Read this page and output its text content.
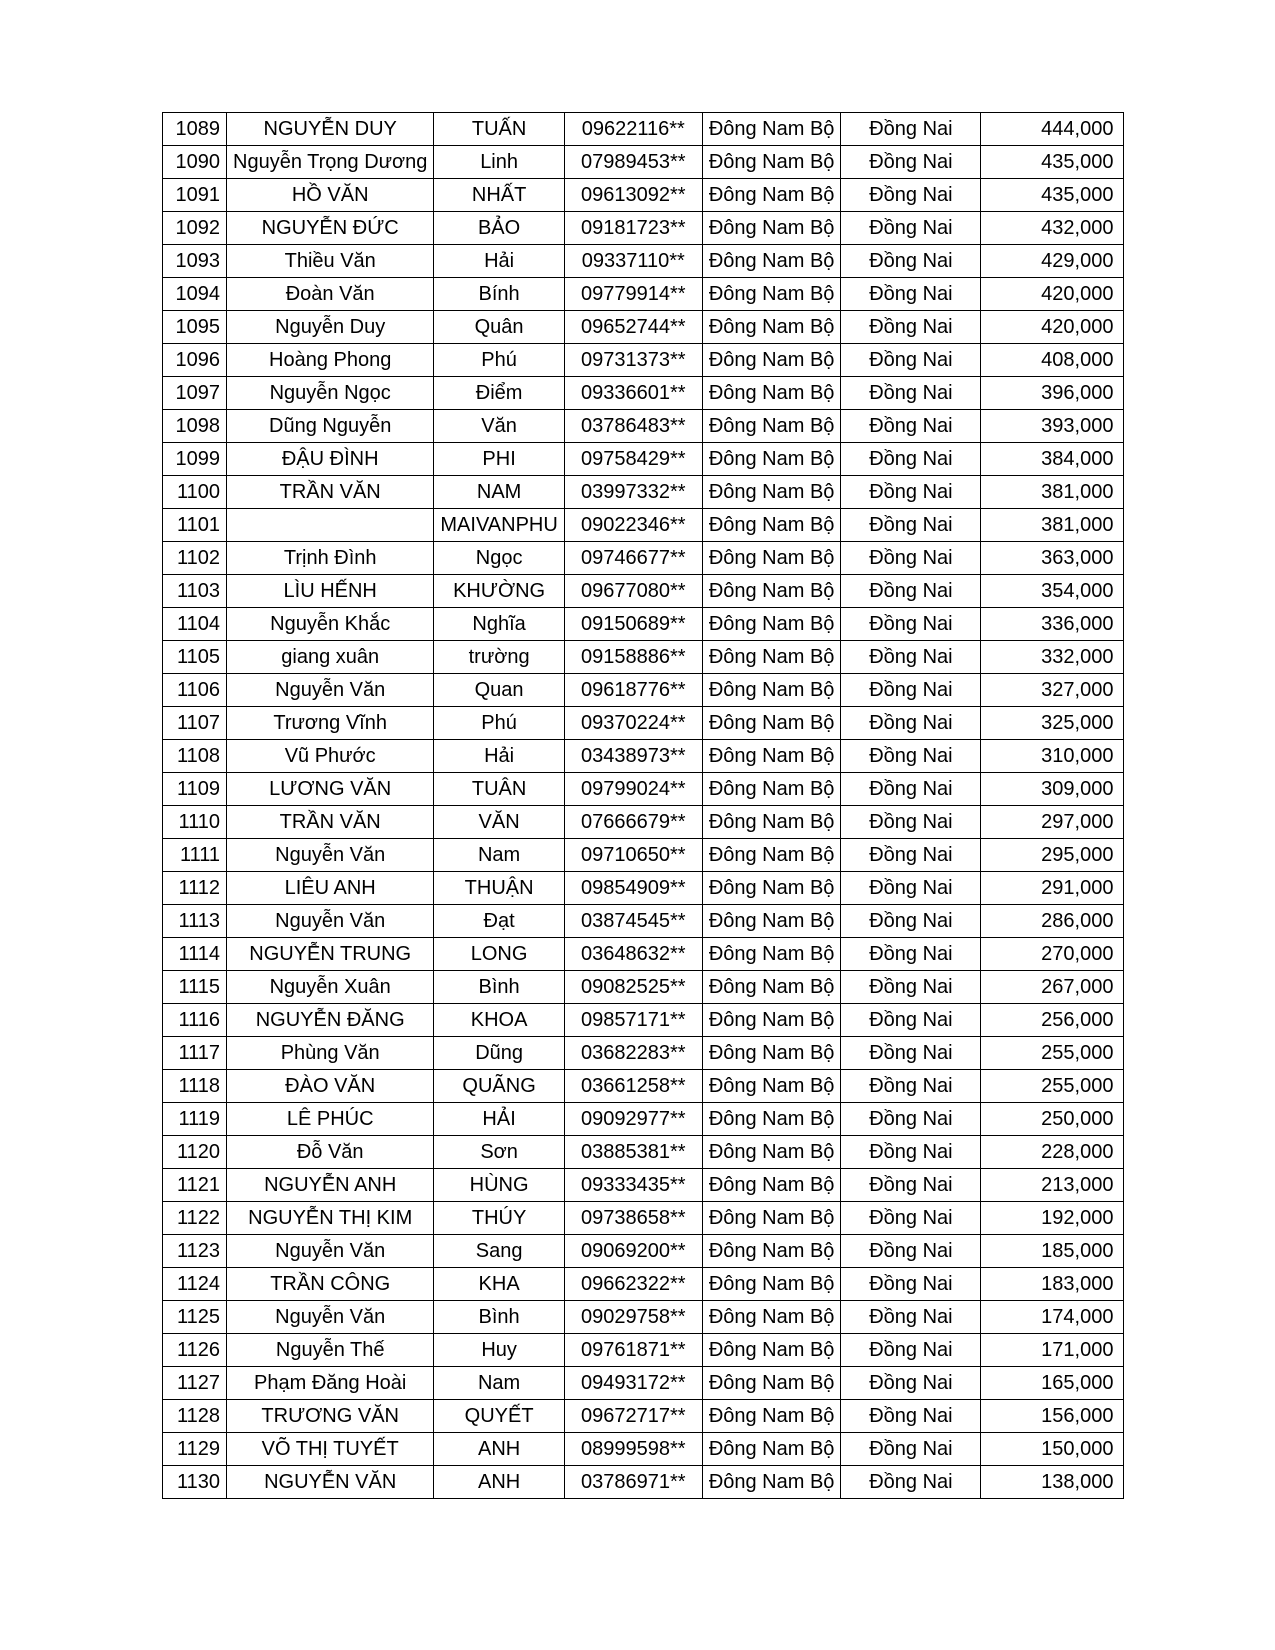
1089	NGUYỄN DUY	TUẤN	09622116**	Đông Nam Bộ	Đồng Nai	444,000
1090	Nguyễn Trọng Dương	Linh	07989453**	Đông Nam Bộ	Đồng Nai	435,000
1091	HỒ VĂN	NHẤT	09613092**	Đông Nam Bộ	Đồng Nai	435,000
1092	NGUYỄN ĐỨC	BẢO	09181723**	Đông Nam Bộ	Đồng Nai	432,000
1093	Thiều Văn	Hải	09337110**	Đông Nam Bộ	Đồng Nai	429,000
1094	Đoàn Văn	Bính	09779914**	Đông Nam Bộ	Đồng Nai	420,000
1095	Nguyễn Duy	Quân	09652744**	Đông Nam Bộ	Đồng Nai	420,000
1096	Hoàng Phong	Phú	09731373**	Đông Nam Bộ	Đồng Nai	408,000
1097	Nguyễn Ngọc	Điểm	09336601**	Đông Nam Bộ	Đồng Nai	396,000
1098	Dũng Nguyễn	Văn	03786483**	Đông Nam Bộ	Đồng Nai	393,000
1099	ĐẬU ĐÌNH	PHI	09758429**	Đông Nam Bộ	Đồng Nai	384,000
1100	TRẦN VĂN	NAM	03997332**	Đông Nam Bộ	Đồng Nai	381,000
1101		MAIVANPHU	09022346**	Đông Nam Bộ	Đồng Nai	381,000
1102	Trịnh Đình	Ngọc	09746677**	Đông Nam Bộ	Đồng Nai	363,000
1103	LÌU HẾNH	KHƯỜNG	09677080**	Đông Nam Bộ	Đồng Nai	354,000
1104	Nguyễn Khắc	Nghĩa	09150689**	Đông Nam Bộ	Đồng Nai	336,000
1105	giang xuân	trường	09158886**	Đông Nam Bộ	Đồng Nai	332,000
1106	Nguyễn Văn	Quan	09618776**	Đông Nam Bộ	Đồng Nai	327,000
1107	Trương Vĩnh	Phú	09370224**	Đông Nam Bộ	Đồng Nai	325,000
1108	Vũ Phước	Hải	03438973**	Đông Nam Bộ	Đồng Nai	310,000
1109	LƯƠNG VĂN	TUÂN	09799024**	Đông Nam Bộ	Đồng Nai	309,000
1110	TRẦN VĂN	VĂN	07666679**	Đông Nam Bộ	Đồng Nai	297,000
1111	Nguyễn Văn	Nam	09710650**	Đông Nam Bộ	Đồng Nai	295,000
1112	LIÊU ANH	THUẬN	09854909**	Đông Nam Bộ	Đồng Nai	291,000
1113	Nguyễn Văn	Đạt	03874545**	Đông Nam Bộ	Đồng Nai	286,000
1114	NGUYỄN TRUNG	LONG	03648632**	Đông Nam Bộ	Đồng Nai	270,000
1115	Nguyễn Xuân	Bình	09082525**	Đông Nam Bộ	Đồng Nai	267,000
1116	NGUYỄN ĐĂNG	KHOA	09857171**	Đông Nam Bộ	Đồng Nai	256,000
1117	Phùng Văn	Dũng	03682283**	Đông Nam Bộ	Đồng Nai	255,000
1118	ĐÀO VĂN	QUÃNG	03661258**	Đông Nam Bộ	Đồng Nai	255,000
1119	LÊ PHÚC	HẢI	09092977**	Đông Nam Bộ	Đồng Nai	250,000
1120	Đỗ Văn	Sơn	03885381**	Đông Nam Bộ	Đồng Nai	228,000
1121	NGUYỄN ANH	HÙNG	09333435**	Đông Nam Bộ	Đồng Nai	213,000
1122	NGUYỄN THỊ KIM	THÚY	09738658**	Đông Nam Bộ	Đồng Nai	192,000
1123	Nguyễn Văn	Sang	09069200**	Đông Nam Bộ	Đồng Nai	185,000
1124	TRẦN CÔNG	KHA	09662322**	Đông Nam Bộ	Đồng Nai	183,000
1125	Nguyễn Văn	Bình	09029758**	Đông Nam Bộ	Đồng Nai	174,000
1126	Nguyễn Thế	Huy	09761871**	Đông Nam Bộ	Đồng Nai	171,000
1127	Phạm Đăng Hoài	Nam	09493172**	Đông Nam Bộ	Đồng Nai	165,000
1128	TRƯƠNG VĂN	QUYẾT	09672717**	Đông Nam Bộ	Đồng Nai	156,000
1129	VÕ THỊ TUYẾT	ANH	08999598**	Đông Nam Bộ	Đồng Nai	150,000
1130	NGUYỄN VĂN	ANH	03786971**	Đông Nam Bộ	Đồng Nai	138,000
